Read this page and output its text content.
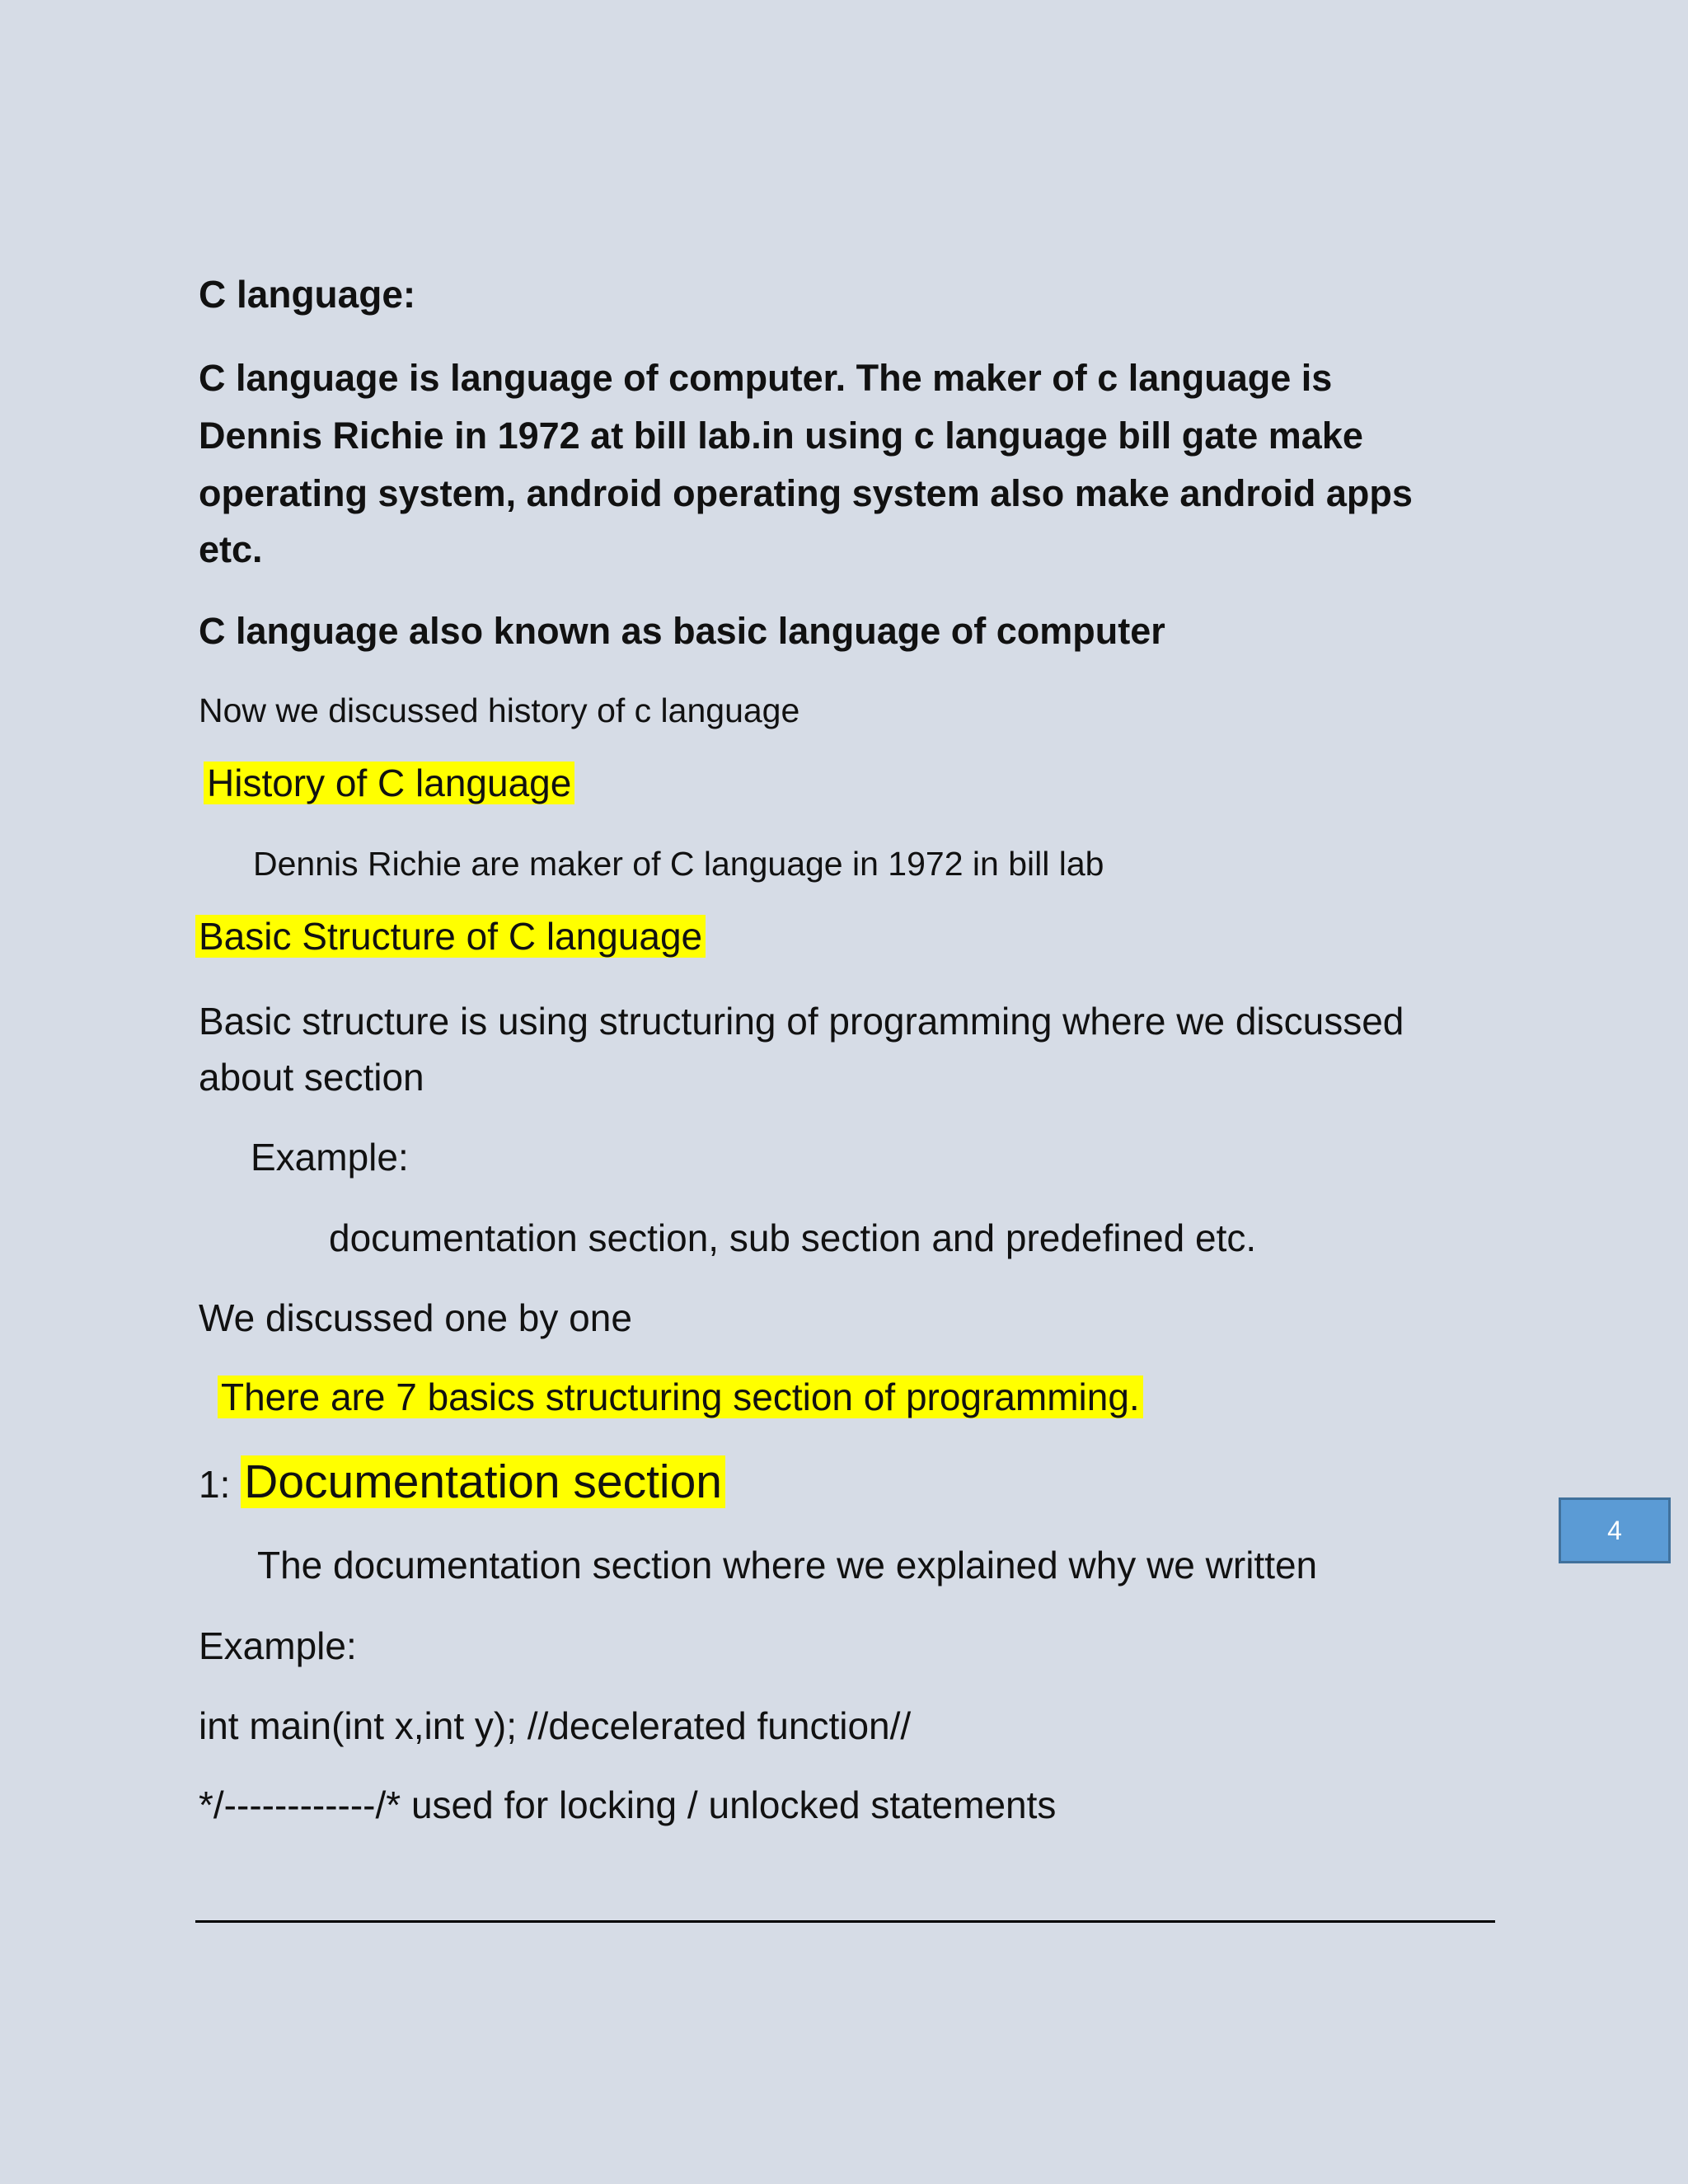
C language:
C language is language of computer. The maker of c language is
Dennis Richie in 1972 at bill lab.in using c language bill gate make
operating system, android operating system also make android apps
etc.
C language also known as basic language of computer
Now we discussed history of c language
History of C language
Dennis Richie are maker of C language in 1972 in bill lab
Basic Structure of C language
Basic structure is using structuring of programming where we discussed
about section
Example:
documentation section, sub section and predefined etc.
We discussed one by one
There are 7 basics structuring section of programming.
1: Documentation section
The documentation section where we explained why we written
Example:
int main(int x,int y); //decelerated function//
*/------------/* used for locking / unlocked statements
4
